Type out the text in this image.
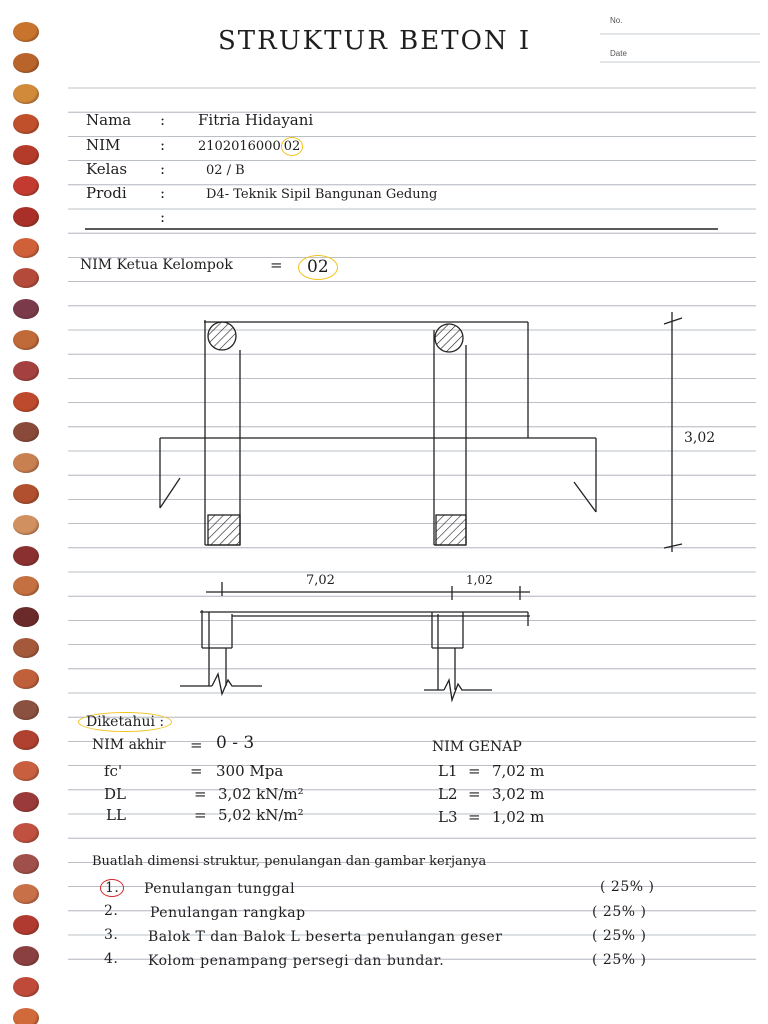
No.
Date
STRUKTUR BETON I
Nama : Fitria Hidayani
NIM	:	2102016000 02
Kelas :	02 / B
Prodi :	D4- Teknik Sipil Bangunan Gedung
:
NIM Ketua Kelompok =	02
3,02
7,02	1,02
Diketahui :
NIM akhir = 0 - 3
fc'	= 300 Mpa
DL	= 3,02 kN/m²
LL	= 5,02 kN/m²
NIM GENAP
L1 = 7,02 m
L2 = 3,02 m
L3 = 1,02 m
Buatlah dimensi struktur, penulangan dan gambar kerjanya
1.	Penulangan tunggal	( 25% )
2. Penulangan rangkap	( 25% )
3. Balok T dan Balok L beserta penulangan geser	( 25% )
4. Kolom penampang persegi dan bundar.	( 25% )
